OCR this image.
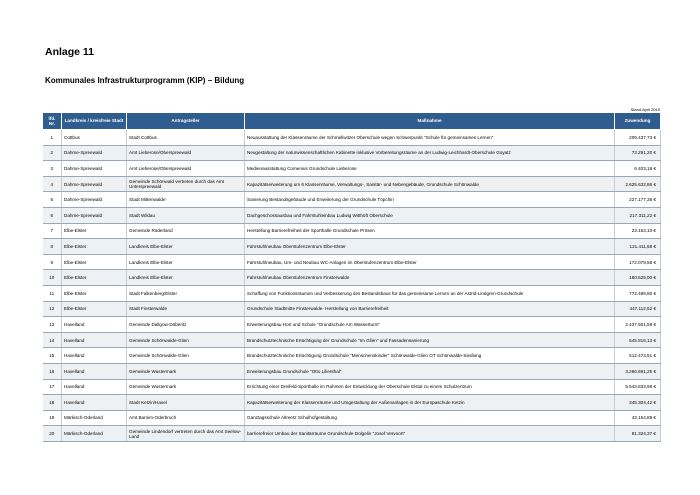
Anlage 11
Kommunales Infrastrukturprogramm (KIP) – Bildung
Stand April 2019
lfd. Nr.	Landkreis / kreisfreie Stadt	Antragsteller	Maßnahme	Zuwendung
1	Cottbus	Stadt Cottbus	Neuausstattung der Klassenräume der Schmellwitzer Oberschule wegen Schwerpunkt "Schule für gemeinsames Lernen"	209.437,73 €
2	Dahme-Spreewald	Amt Lieberose/Oberspreewald	Neugestaltung der naturwissenschaftlichen Kabinette inklusive Vorbereitungsräume an der Ludwig-Leichhardt-Oberschule Goyatz	73.291,20 €
3	Dahme-Spreewald	Amt Lieberose/Oberspreewald	Medienausstattung Comenius Grundschule Lieberose	6.403,18 €
4	Dahme-Spreewald	Gemeinde Schönwald vertreten durch das Amt Unterspreewald	Kapazitätserweiterung um 6 Klassenräume, Verwaltungs-, Sanitär- und Nebengebäude, Grundschule Schönwalde	2.625.632,86 €
5	Dahme-Spreewald	Stadt Mittenwalde	Sanierung Bestandsgebäude und Erweiterung der Grundschule Töpchin	227.177,38 €
6	Dahme-Spreewald	Stadt Wildau	Dachgeschossausbau und Fahrstuhleinbau Ludwig Witthöft Oberschule	217.311,22 €
7	Elbe-Elster	Gemeinde Röderland	Herstellung Barrierefreiheit der Sporthalle Grundschule Prösen	23.163,10 €
8	Elbe-Elster	Landkreis Elbe-Elster	Fahrstuhlneubau Oberstufenzentrum Elbe-Elster	121.411,58 €
9	Elbe-Elster	Landkreis Elbe-Elster	Fahrstuhlneubau, Um- und Neubau WC-Anlagen im Oberstufenzentrum Elbe-Elster	172.079,58 €
10	Elbe-Elster	Landkreis Elbe-Elster	Fahrstuhlneubau Oberstufenzentrum Finsterwalde	180.525,00 €
11	Elbe-Elster	Stadt Falkenberg/Elster	Schaffung von Funktionsräumen und Verbesserung des Bestandsbaus für das gemeinsame Lernen an der Astrid-Lindgren-Grundschule	772.499,80 €
12	Elbe-Elster	Stadt Finsterwalde	Grundschule Stadtmitte Finsterwalde- Herstellung von Barrierefreiheit	447.112,52 €
13	Havelland	Gemeinde Dallgow-Döberitz	Erweiterungsbau Hort und Schule "Grundschule Am Wasserturm"	2.437.501,59 €
14	Havelland	Gemeinde Schönwalde-Glien	Brandschutztechnische Ertüchtigung der Grundschule "Im Glien" und Fassadensanierung	545.816,13 €
15	Havelland	Gemeinde Schönwalde-Glien	Brandschutztechnische Ertüchtigung Grundschule "Menschenskinder" Schönwalde-Glien OT Schönwalde-Siedlung	512.473,51 €
16	Havelland	Gemeinde Wustermark	Erweiterungsbau Grundschule "Otto Lilienthal"	3.266.691,25 €
17	Havelland	Gemeinde Wustermark	Errichtung einer Dreifeld-Sporthalle im Rahmen der Entwicklung der Oberschule Elstal zu einem Schulzentrum	5.543.833,98 €
18	Havelland	Stadt Ketzin/Havel	Kapazitätserweiterung der Klassenräume und Umgestaltung der Außenanlagen in der Europaschule Ketzin	345.304,42 €
19	Märkisch-Oderland	Amt Barnim-Oderbruch	Ganztagsschule Altreetz Schulhofgestaltung	43.154,89 €
20	Märkisch-Oderland	Gemeinde Lindendorf vertreten durch das Amt Seelow-Land	barrierefreier Umbau der Sanitärräume Grundschule Dolgelin "Josef Vervoort"	81.324,37 €
